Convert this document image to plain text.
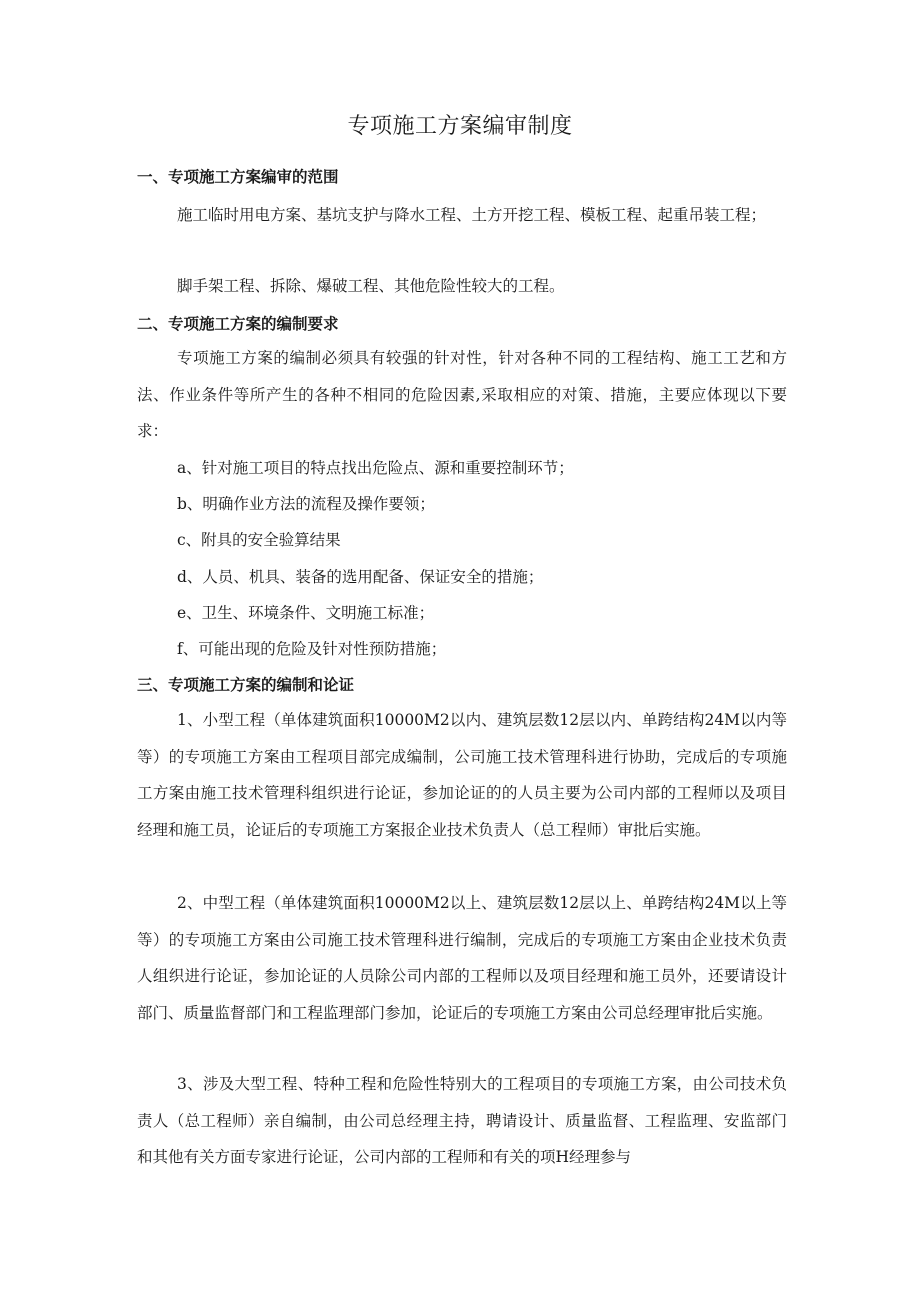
专项施工方案编审制度
一、专项施工方案编审的范围

施工临时用电方案、基坑支护与降水工程、土方开挖工程、模板工程、起重吊装工程；

脚手架工程、拆除、爆破工程、其他危险性较大的工程。

二、专项施工方案的编制要求

专项施工方案的编制必须具有较强的针对性，针对各种不同的工程结构、施工工艺和方法、作业条件等所产生的各种不相同的危险因素,采取相应的对策、措施，主要应体现以下要求：

a、针对施工项目的特点找出危险点、源和重要控制环节；

b、明确作业方法的流程及操作要领；

c、附具的安全验算结果

d、人员、机具、装备的选用配备、保证安全的措施；

e、卫生、环境条件、文明施工标准；

f、可能出现的危险及针对性预防措施；

三、专项施工方案的编制和论证

1、小型工程（单体建筑面积10000M2以内、建筑层数12层以内、单跨结构24M以内等等）的专项施工方案由工程项目部完成编制，公司施工技术管理科进行协助，完成后的专项施工方案由施工技术管理科组织进行论证，参加论证的的人员主要为公司内部的工程师以及项目经理和施工员，论证后的专项施工方案报企业技术负责人（总工程师）审批后实施。

2、中型工程（单体建筑面积10000M2以上、建筑层数12层以上、单跨结构24M以上等等）的专项施工方案由公司施工技术管理科进行编制，完成后的专项施工方案由企业技术负责人组织进行论证，参加论证的人员除公司内部的工程师以及项目经理和施工员外，还要请设计部门、质量监督部门和工程监理部门参加，论证后的专项施工方案由公司总经理审批后实施。

3、涉及大型工程、特种工程和危险性特别大的工程项目的专项施工方案，由公司技术负责人（总工程师）亲自编制，由公司总经理主持，聘请设计、质量监督、工程监理、安监部门和其他有关方面专家进行论证，公司内部的工程师和有关的项H经理参与
